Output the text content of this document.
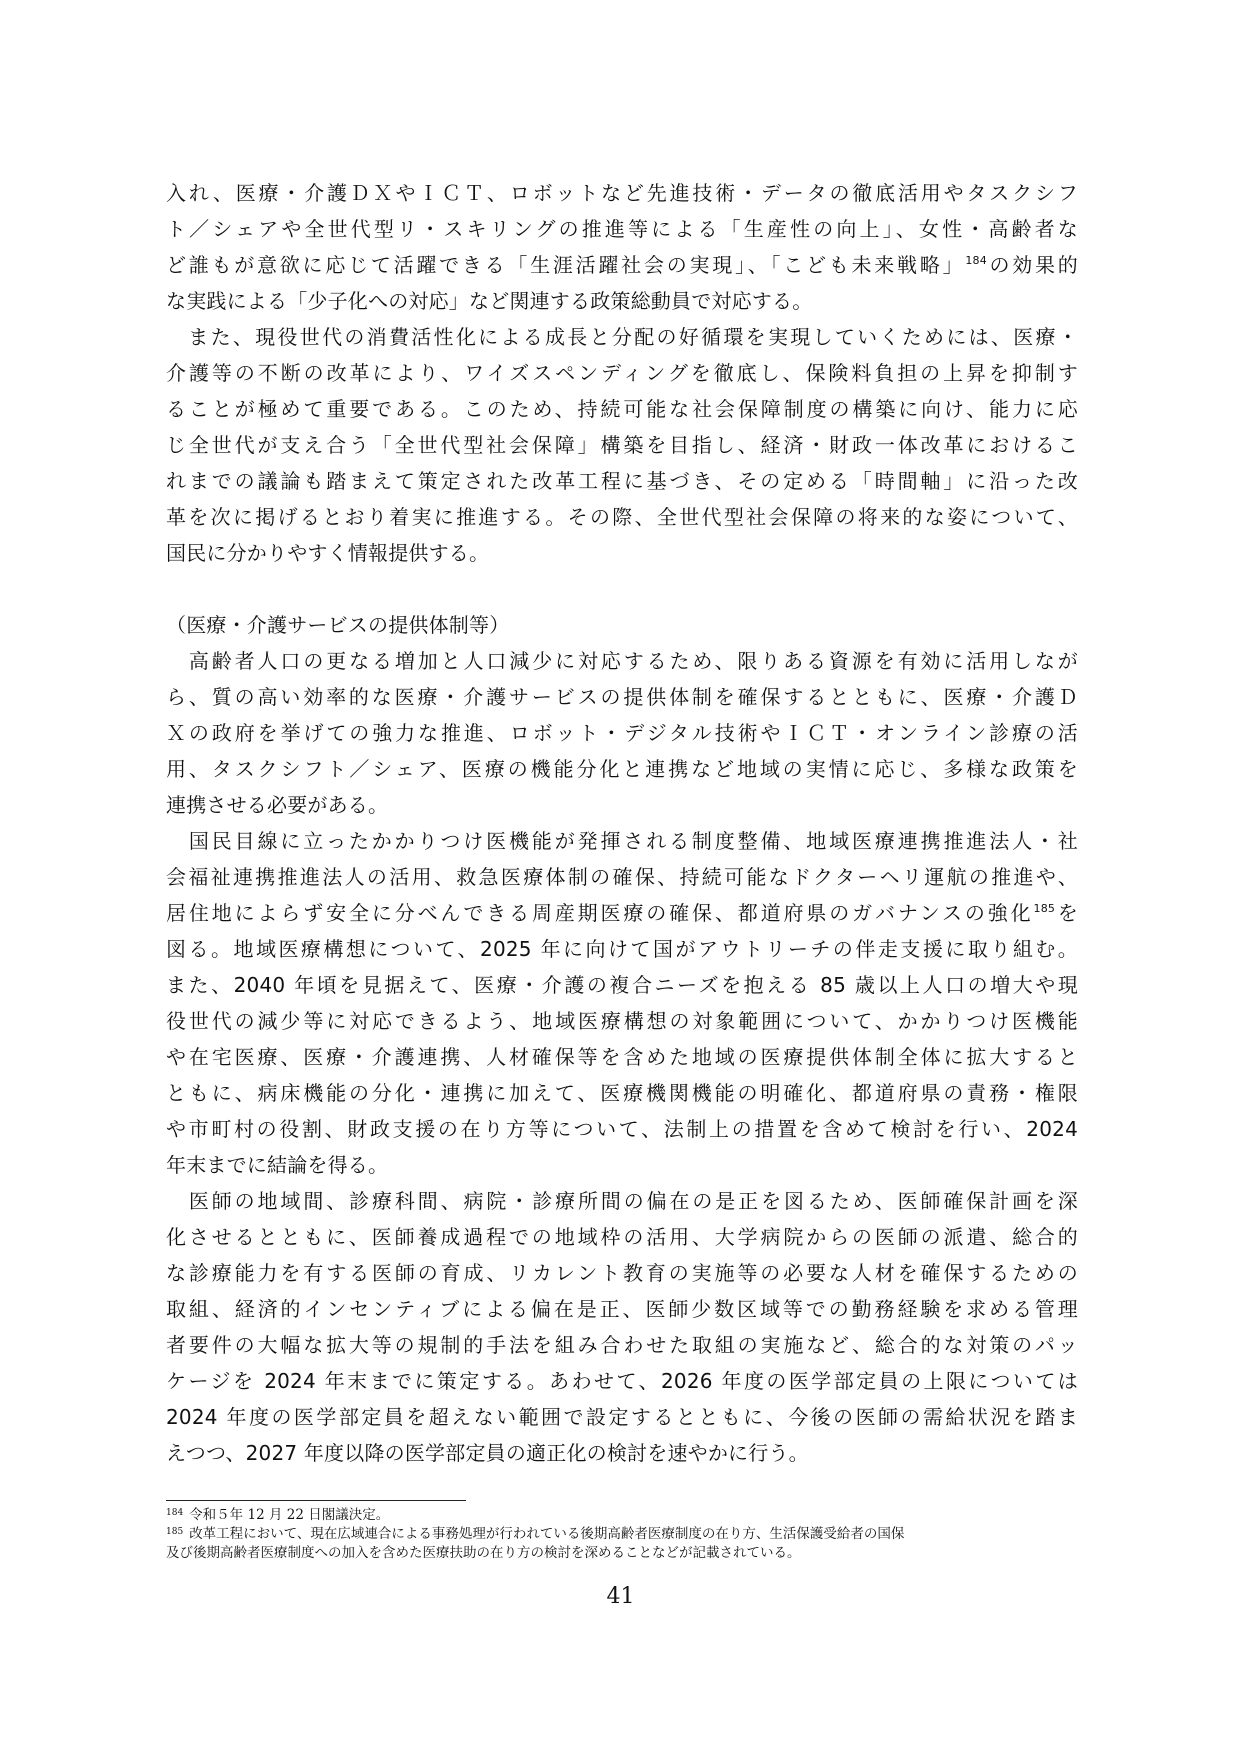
入れ、医療・介護ＤＸやＩＣＴ、ロボットなど先進技術・データの徹底活用やタスクシフ
ト／シェアや全世代型リ・スキリングの推進等による「生産性の向上」、女性・高齢者な
ど誰もが意欲に応じて活躍できる「生涯活躍社会の実現」、「こども未来戦略」$^{184}$の効果的
な実践による「少子化への対応」など関連する政策総動員で対応する。
　また、現役世代の消費活性化による成長と分配の好循環を実現していくためには、医療・
介護等の不断の改革により、ワイズスペンディングを徹底し、保険料負担の上昇を抑制す
ることが極めて重要である。このため、持続可能な社会保障制度の構築に向け、能力に応
じ全世代が支え合う「全世代型社会保障」構築を目指し、経済・財政一体改革におけるこ
れまでの議論も踏まえて策定された改革工程に基づき、その定める「時間軸」に沿った改
革を次に掲げるとおり着実に推進する。その際、全世代型社会保障の将来的な姿について、
国民に分かりやすく情報提供する。
（医療・介護サービスの提供体制等）
　高齢者人口の更なる増加と人口減少に対応するため、限りある資源を有効に活用しなが
ら、質の高い効率的な医療・介護サービスの提供体制を確保するとともに、医療・介護Ｄ
Ｘの政府を挙げての強力な推進、ロボット・デジタル技術やＩＣＴ・オンライン診療の活
用、タスクシフト／シェア、医療の機能分化と連携など地域の実情に応じ、多様な政策を
連携させる必要がある。
　国民目線に立ったかかりつけ医機能が発揮される制度整備、地域医療連携推進法人・社
会福祉連携推進法人の活用、救急医療体制の確保、持続可能なドクターヘリ運航の推進や、
居住地によらず安全に分べんできる周産期医療の確保、都道府県のガバナンスの強化$^{185}$を
図る。地域医療構想について、2025 年に向けて国がアウトリーチの伴走支援に取り組む。
また、2040 年頃を見据えて、医療・介護の複合ニーズを抱える 85 歳以上人口の増大や現
役世代の減少等に対応できるよう、地域医療構想の対象範囲について、かかりつけ医機能
や在宅医療、医療・介護連携、人材確保等を含めた地域の医療提供体制全体に拡大すると
ともに、病床機能の分化・連携に加えて、医療機関機能の明確化、都道府県の責務・権限
や市町村の役割、財政支援の在り方等について、法制上の措置を含めて検討を行い、2024
年末までに結論を得る。
　医師の地域間、診療科間、病院・診療所間の偏在の是正を図るため、医師確保計画を深
化させるとともに、医師養成過程での地域枠の活用、大学病院からの医師の派遣、総合的
な診療能力を有する医師の育成、リカレント教育の実施等の必要な人材を確保するための
取組、経済的インセンティブによる偏在是正、医師少数区域等での勤務経験を求める管理
者要件の大幅な拡大等の規制的手法を組み合わせた取組の実施など、総合的な対策のパッ
ケージを 2024 年末までに策定する。あわせて、2026 年度の医学部定員の上限については
2024 年度の医学部定員を超えない範囲で設定するとともに、今後の医師の需給状況を踏ま
えつつ、2027 年度以降の医学部定員の適正化の検討を速やかに行う。
$^{184}$ 令和５年 12 月 22 日閣議決定。
$^{185}$ 改革工程において、現在広域連合による事務処理が行われている後期高齢者医療制度の在り方、生活保護受給者の国保
及び後期高齢者医療制度への加入を含めた医療扶助の在り方の検討を深めることなどが記載されている。
41
